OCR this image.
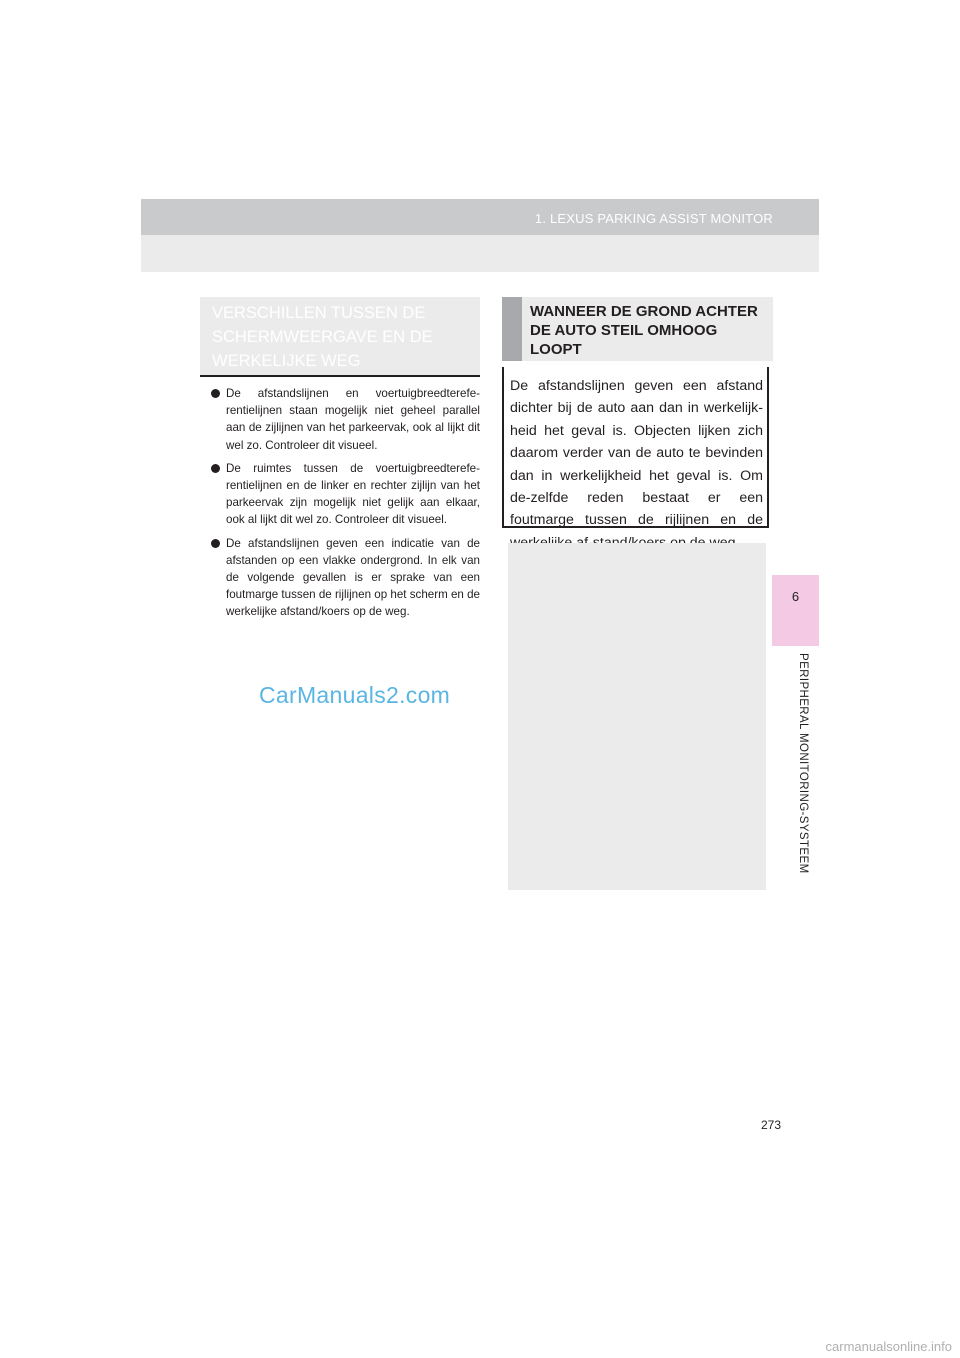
1. LEXUS PARKING ASSIST MONITOR
6
PERIPHERAL MONITORING-SYSTEEM
VERSCHILLEN TUSSEN DE SCHERMWEERGAVE EN DE WERKELIJKE WEG
De afstandslijnen en voertuigbreedterefe-rentielijnen staan mogelijk niet geheel parallel aan de zijlijnen van het parkeervak, ook al lijkt dit wel zo. Controleer dit visueel.
De ruimtes tussen de voertuigbreedterefe-rentielijnen en de linker en rechter zijlijn van het parkeervak zijn mogelijk niet gelijk aan elkaar, ook al lijkt dit wel zo. Controleer dit visueel.
De afstandslijnen geven een indicatie van de afstanden op een vlakke ondergrond. In elk van de volgende gevallen is er sprake van een foutmarge tussen de rijlijnen op het scherm en de werkelijke afstand/koers op de weg.
WANNEER DE GROND ACHTER DE AUTO STEIL OMHOOG LOOPT

De afstandslijnen geven een afstand dichter bij de auto aan dan in werkelijk-heid het geval is. Objecten lijken zich daarom verder van de auto te bevinden dan in werkelijkheid het geval is. Om de-zelfde reden bestaat er een foutmarge tussen de rijlijnen en de

CarManuals2.com
273
carmanualsonline.info
